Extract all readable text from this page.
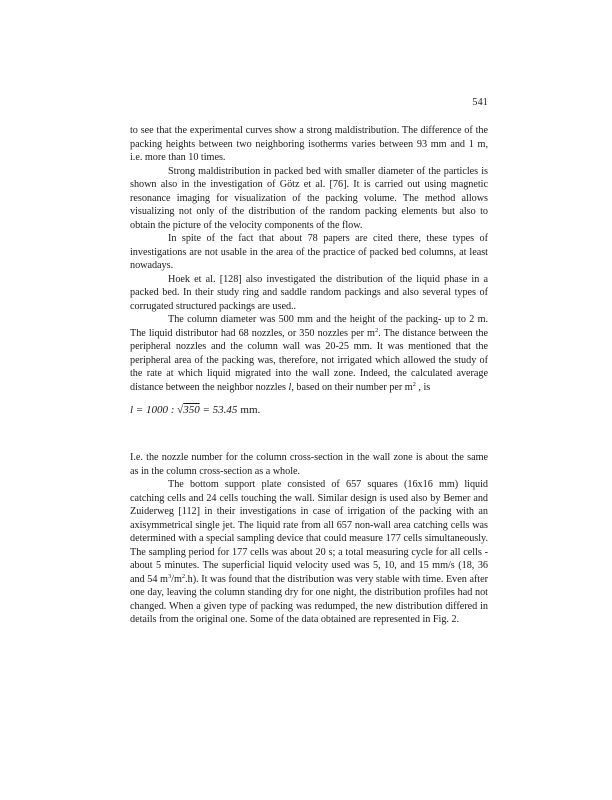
541

to see that the experimental curves show a strong maldistribution. The difference of the packing heights between two neighboring isotherms varies between 93 mm and 1 m, i.e. more than 10 times.

Strong maldistribution in packed bed with smaller diameter of the particles is shown also in the investigation of Götz et al. [76]. It is carried out using magnetic resonance imaging for visualization of the packing volume. The method allows visualizing not only of the distribution of the random packing elements but also to obtain the picture of the velocity components of the flow.

In spite of the fact that about 78 papers are cited there, these types of investigations are not usable in the area of the practice of packed bed columns, at least nowadays.

Hoek et al. [128] also investigated the distribution of the liquid phase in a packed bed. In their study ring and saddle random packings and also several types of corrugated structured packings are used..

The column diameter was 500 mm and the height of the packing- up to 2 m. The liquid distributor had 68 nozzles, or 350 nozzles per $m^2$. The distance between the peripheral nozzles and the column wall was 20-25 mm. It was mentioned that the peripheral area of the packing was, therefore, not irrigated which allowed the study of the rate at which liquid migrated into the wall zone. Indeed, the calculated average distance between the neighbor nozzles l, based on their number per $m^2$ , is

l = 1000 : √350 = 53.45 mm.

I.e. the nozzle number for the column cross-section in the wall zone is about the same as in the column cross-section as a whole.

The bottom support plate consisted of 657 squares (16x16 mm) liquid catching cells and 24 cells touching the wall. Similar design is used also by Bemer and Zuiderweg [112] in their investigations in case of irrigation of the packing with an axisymmetrical single jet. The liquid rate from all 657 non-wall area catching cells was determined with a special sampling device that could measure 177 cells simultaneously. The sampling period for 177 cells was about 20 s; a total measuring cycle for all cells - about 5 minutes. The superficial liquid velocity used was 5, 10, and 15 mm/s (18, 36 and 54 $m^3/m^2.h$). It was found that the distribution was very stable with time. Even after one day, leaving the column standing dry for one night, the distribution profiles had not changed. When a given type of packing was redumped, the new distribution differed in details from the original one. Some of the data obtained are represented in Fig. 2.
